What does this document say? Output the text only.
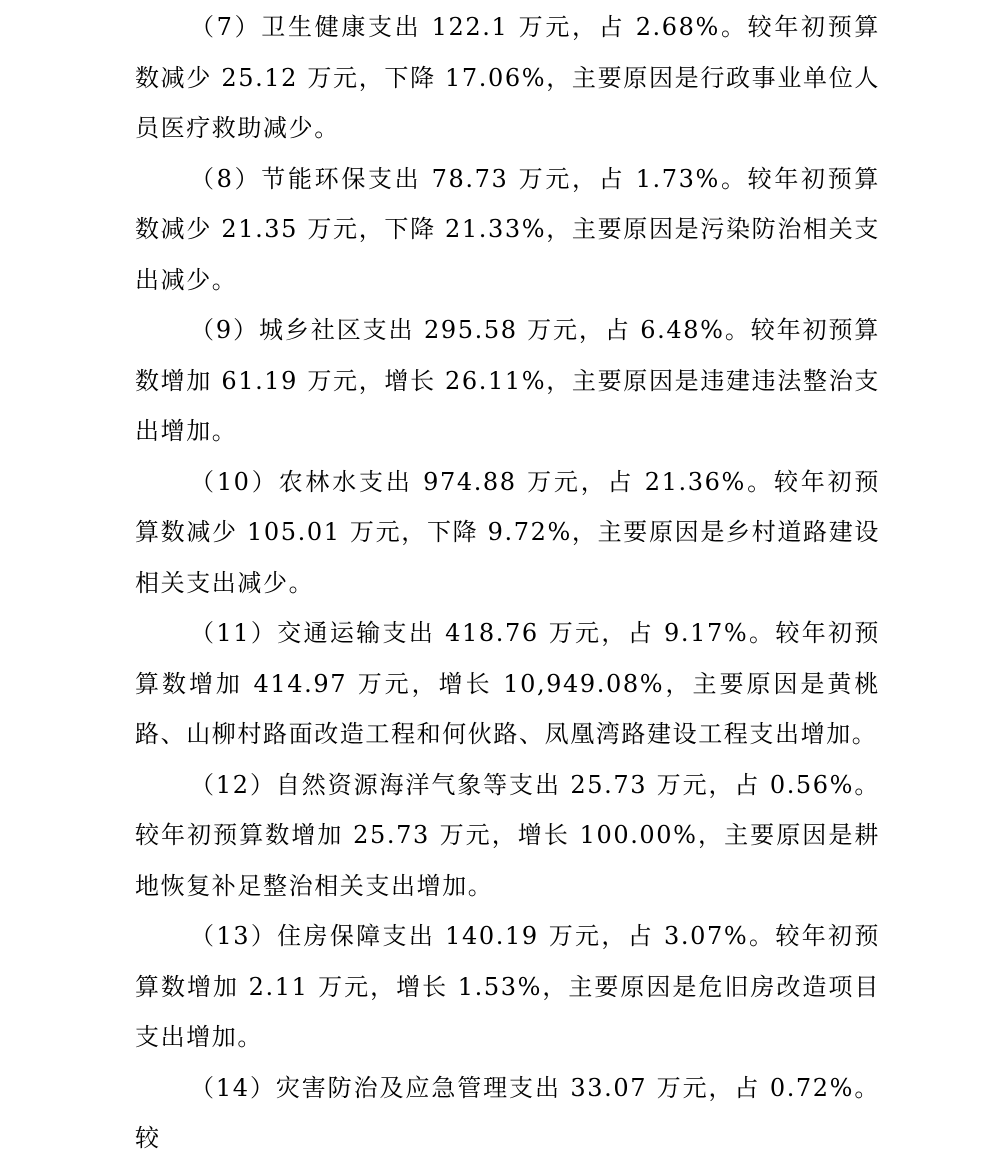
（7）卫生健康支出 122.1 万元，占 2.68%。较年初预算数减少 25.12 万元，下降 17.06%，主要原因是行政事业单位人员医疗救助减少。

（8）节能环保支出 78.73 万元，占 1.73%。较年初预算数减少 21.35 万元，下降 21.33%，主要原因是污染防治相关支出减少。

（9）城乡社区支出 295.58 万元，占 6.48%。较年初预算数增加 61.19 万元，增长 26.11%，主要原因是违建违法整治支出增加。

（10）农林水支出 974.88 万元，占 21.36%。较年初预算数减少 105.01 万元，下降 9.72%，主要原因是乡村道路建设相关支出减少。

（11）交通运输支出 418.76 万元，占 9.17%。较年初预算数增加 414.97 万元，增长 10,949.08%，主要原因是黄桃路、山柳村路面改造工程和何伙路、凤凰湾路建设工程支出增加。

（12）自然资源海洋气象等支出 25.73 万元，占 0.56%。较年初预算数增加 25.73 万元，增长 100.00%，主要原因是耕地恢复补足整治相关支出增加。

（13）住房保障支出 140.19 万元，占 3.07%。较年初预算数增加 2.11 万元，增长 1.53%，主要原因是危旧房改造项目支出增加。

（14）灾害防治及应急管理支出 33.07 万元，占 0.72%。较
